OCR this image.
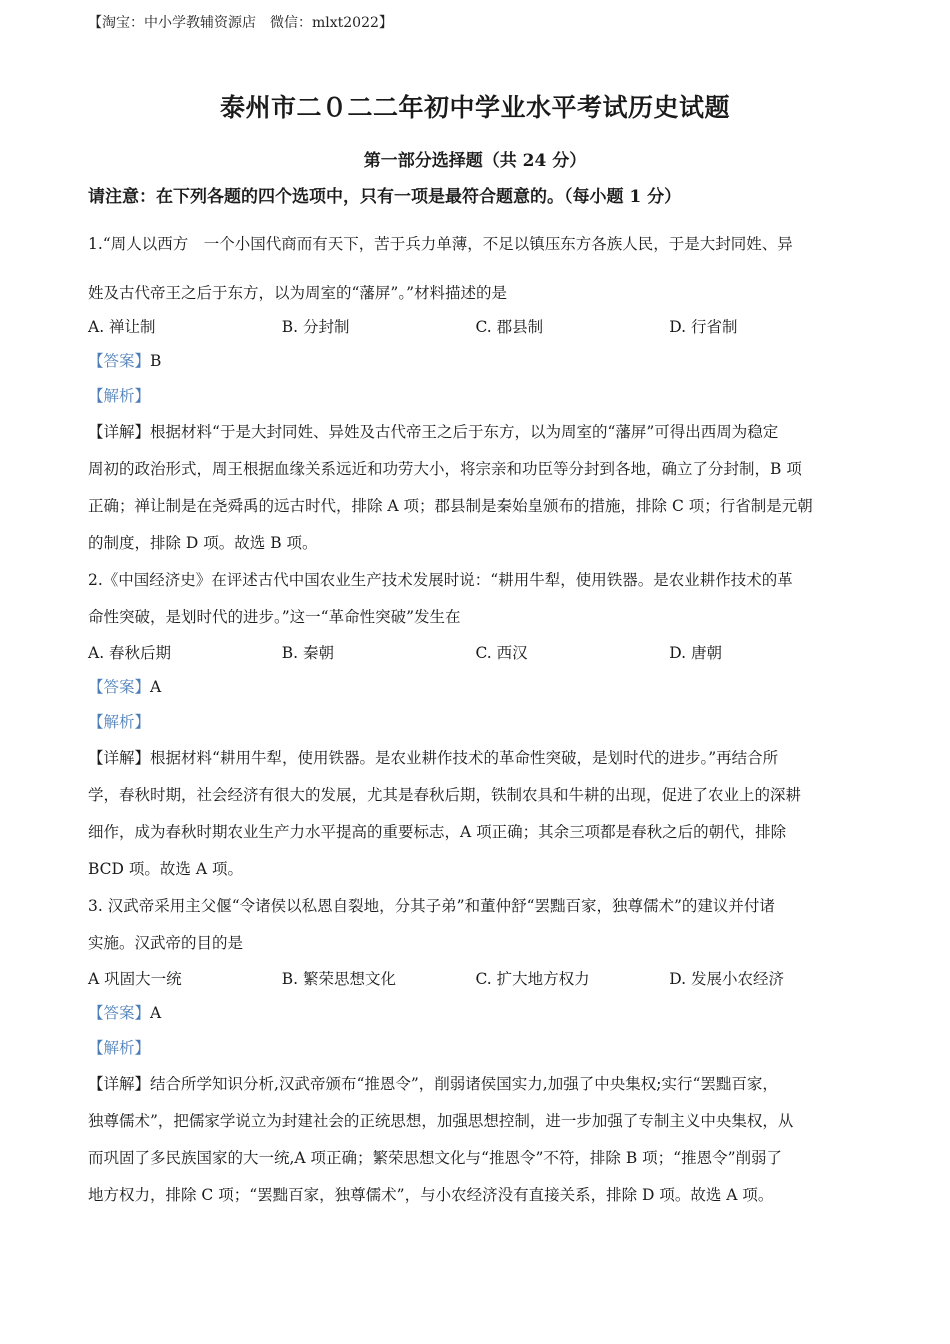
【淘宝：中小学教辅资源店　微信：mlxt2022】
泰州市二０二二年初中学业水平考试历史试题
第一部分选择题（共 24 分）
请注意：在下列各题的四个选项中，只有一项是最符合题意的。（每小题 1 分）
1.“周人以西方　一个小国代商而有天下，苦于兵力单薄，不足以镇压东方各族人民，于是大封同姓、异
姓及古代帝王之后于东方，以为周室的“藩屏”。”材料描述的是
A. 禅让制	B. 分封制	C. 郡县制	D. 行省制
【答案】B
【解析】
【详解】根据材料“于是大封同姓、异姓及古代帝王之后于东方，以为周室的“藩屏”可得出西周为稳定
周初的政治形式，周王根据血缘关系远近和功劳大小，将宗亲和功臣等分封到各地，确立了分封制，B 项
正确；禅让制是在尧舜禹的远古时代，排除 A 项；郡县制是秦始皇颁布的措施，排除 C 项；行省制是元朝
的制度，排除 D 项。故选 B 项。
2.《中国经济史》在评述古代中国农业生产技术发展时说：“耕用牛犁，使用铁器。是农业耕作技术的革
命性突破，是划时代的进步。”这一“革命性突破”发生在
A. 春秋后期	B. 秦朝	C. 西汉	D. 唐朝
【答案】A
【解析】
【详解】根据材料“耕用牛犁，使用铁器。是农业耕作技术的革命性突破，是划时代的进步。”再结合所
学，春秋时期，社会经济有很大的发展，尤其是春秋后期，铁制农具和牛耕的出现，促进了农业上的深耕
细作，成为春秋时期农业生产力水平提高的重要标志，A 项正确；其余三项都是春秋之后的朝代，排除
BCD 项。故选 A 项。
3. 汉武帝采用主父偃“令诸侯以私恩自裂地，分其子弟”和董仲舒“罢黜百家，独尊儒术”的建议并付诸
实施。汉武帝的目的是
A 巩固大一统	B. 繁荣思想文化	C. 扩大地方权力	D. 发展小农经济
【答案】A
【解析】
【详解】结合所学知识分析,汉武帝颁布“推恩令”，削弱诸侯国实力,加强了中央集权;实行“罢黜百家，
独尊儒术”，把儒家学说立为封建社会的正统思想，加强思想控制，进一步加强了专制主义中央集权，从
而巩固了多民族国家的大一统,A 项正确；繁荣思想文化与“推恩令”不符，排除 B 项；“推恩令”削弱了
地方权力，排除 C 项；“罢黜百家，独尊儒术”，与小农经济没有直接关系，排除 D 项。故选 A 项。
